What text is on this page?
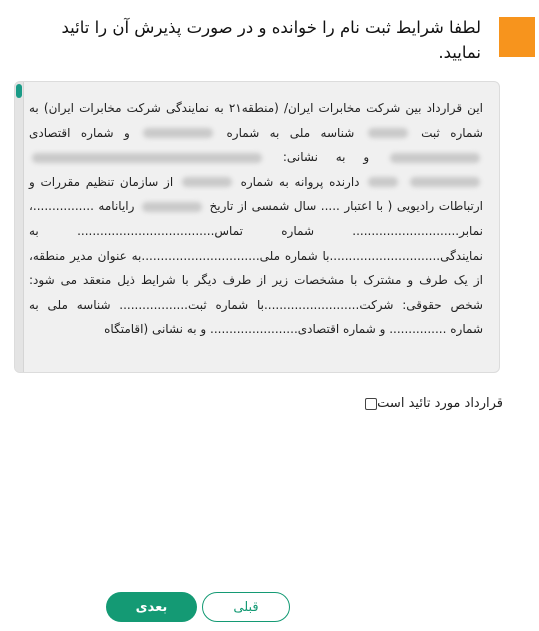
لطفا شرایط ثبت نام را خوانده و در صورت پذیرش آن را تائید نمایید.
این قرارداد بین شرکت مخابرات ایران/ (منطقه۲۱ به نمایندگی شرکت مخابرات ایران) به شماره ثبت  شناسه ملی به شماره  و شماره اقتصادی  و به نشانی:    دارنده پروانه به شماره  از سازمان تنظیم مقررات و ارتباطات رادیویی ( با اعتبار ..... سال شمسی از تاریخ  رایانامه ................، نمابر............................ شماره تماس.................................... به نمایندگی.............................با شماره ملی...............................به عنوان مدیر منطقه، از یک طرف و مشترک با مشخصات زیر از طرف دیگر با شرایط ذیل منعقد می شود: شخص حقوقی: شرکت.........................با شماره ثبت.................. شناسه ملی به شماره ............... و شماره اقتصادی....................... و به نشانی (اقامتگاه
قرارداد مورد تائید است
بعدی	قبلی
